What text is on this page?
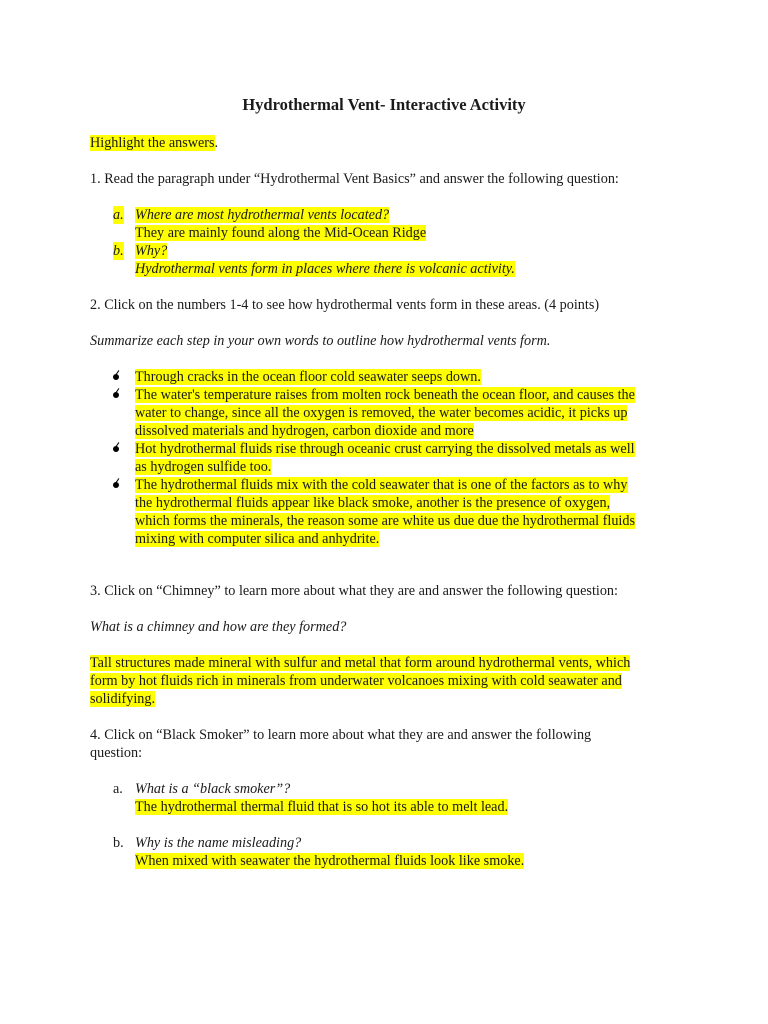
Hydrothermal Vent- Interactive Activity
Highlight the answers.
1. Read the paragraph under “Hydrothermal Vent Basics” and answer the following question:
a. Where are most hydrothermal vents located?
They are mainly found along the Mid-Ocean Ridge
b. Why?
Hydrothermal vents form in places where there is volcanic activity.
2. Click on the numbers 1-4 to see how hydrothermal vents form in these areas. (4 points)
Summarize each step in your own words to outline how hydrothermal vents form.
Through cracks in the ocean floor cold seawater seeps down.
The water's temperature raises from molten rock beneath the ocean floor, and causes the
water to change, since all the oxygen is removed, the water becomes acidic, it picks up
dissolved materials and hydrogen, carbon dioxide and more
Hot hydrothermal fluids rise through oceanic crust carrying the dissolved metals as well
as hydrogen sulfide too.
The hydrothermal fluids mix with the cold seawater that is one of the factors as to why
the hydrothermal fluids appear like black smoke, another is the presence of oxygen,
which forms the minerals, the reason some are white us due due the hydrothermal fluids
mixing with computer silica and anhydrite.
3. Click on “Chimney” to learn more about what they are and answer the following question:
What is a chimney and how are they formed?
Tall structures made mineral with sulfur and metal that form around hydrothermal vents, which
form by hot fluids rich in minerals from underwater volcanoes mixing with cold seawater and
solidifying.
4. Click on “Black Smoker” to learn more about what they are and answer the following
question:
a. What is a “black smoker”?
The hydrothermal thermal fluid that is so hot its able to melt lead.
b. Why is the name misleading?
When mixed with seawater the hydrothermal fluids look like smoke.
